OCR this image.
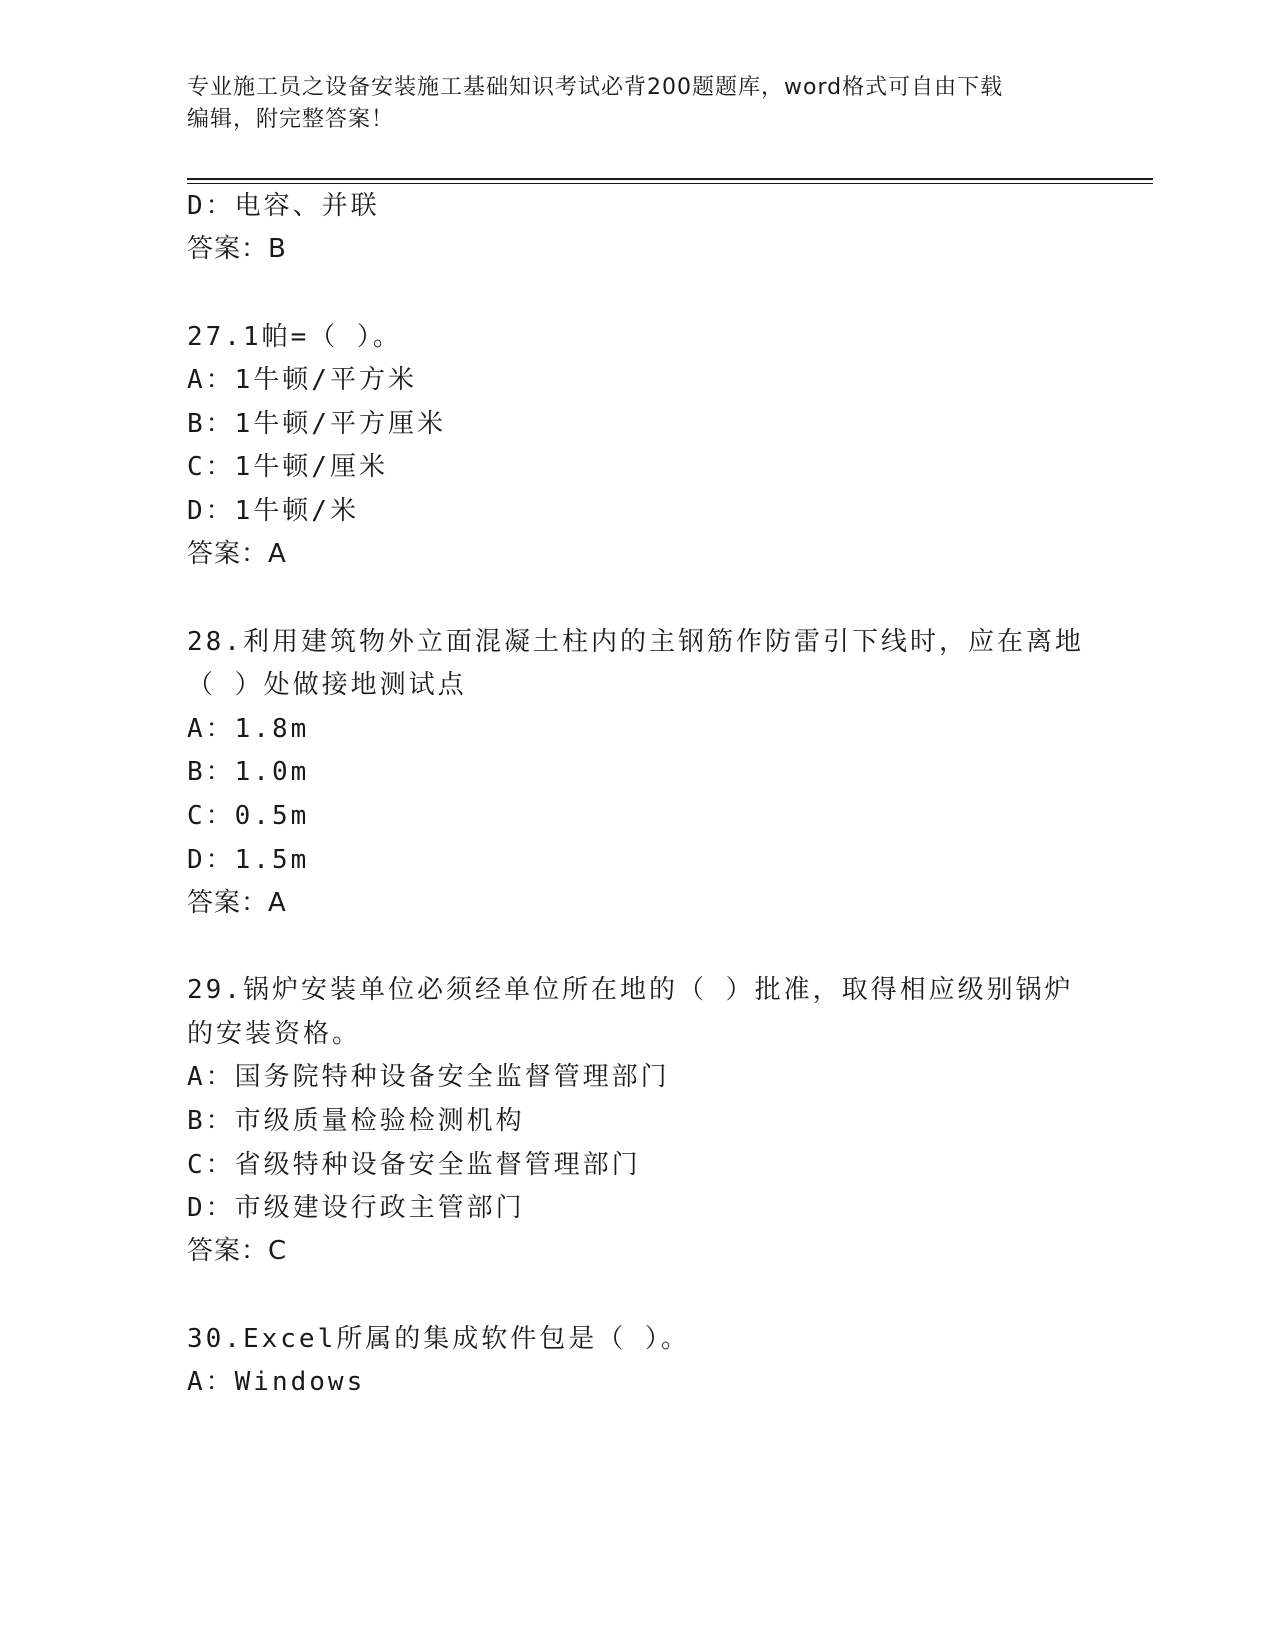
专业施工员之设备安装施工基础知识考试必背200题题库，word格式可自由下载
编辑，附完整答案！
D：电容、并联
答案：B
27.1帕=（ ）。
A：1牛顿/平方米
B：1牛顿/平方厘米
C：1牛顿/厘米
D：1牛顿/米
答案：A
28.利用建筑物外立面混凝土柱内的主钢筋作防雷引下线时，应在离地
（ ）处做接地测试点
A：1.8m
B：1.0m
C：0.5m
D：1.5m
答案：A
29.锅炉安装单位必须经单位所在地的（ ）批准，取得相应级别锅炉
的安装资格。
A：国务院特种设备安全监督管理部门
B：市级质量检验检测机构
C：省级特种设备安全监督管理部门
D：市级建设行政主管部门
答案：C
30.Excel所属的集成软件包是（ ）。
A：Windows
